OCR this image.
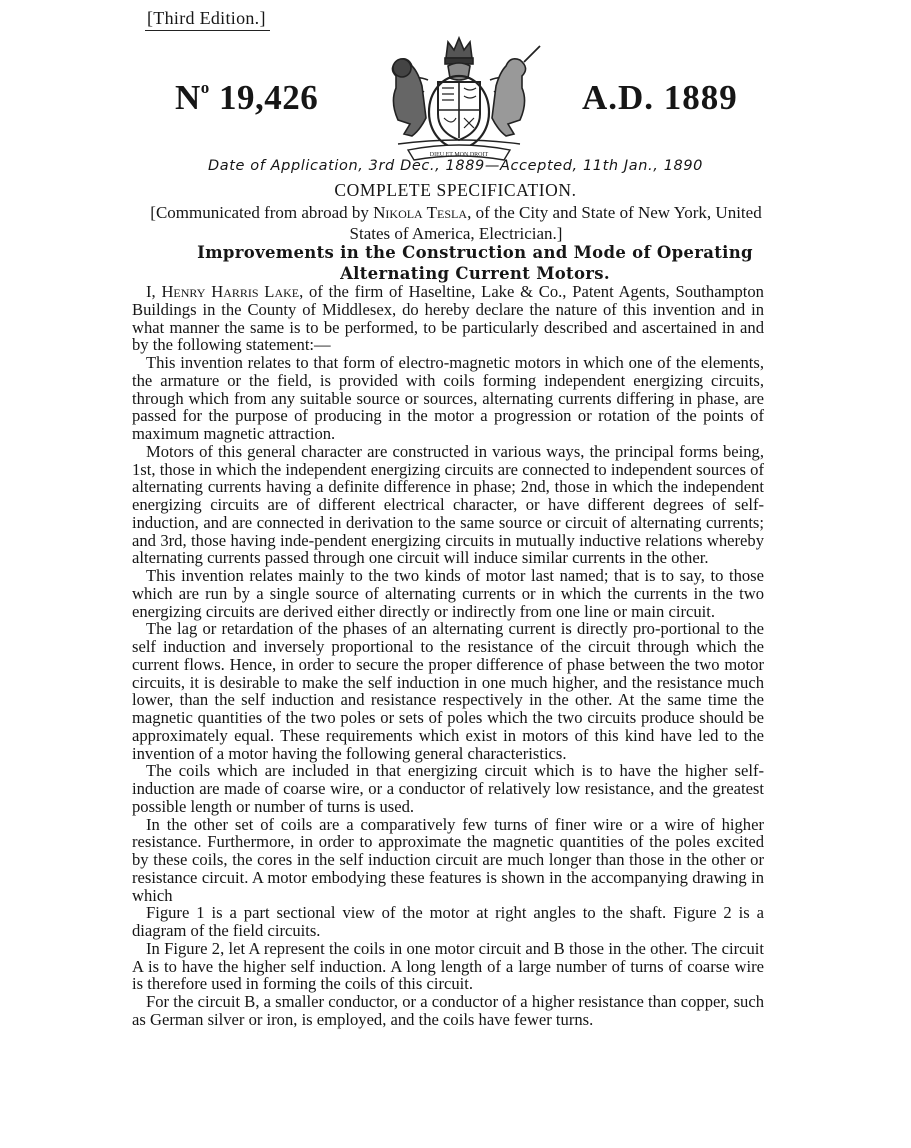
[Third Edition.]
$N^o$ 19,426
DIEU ET MON DROIT
A.D. 1889
Date of Application, 3rd Dec., 1889—Accepted, 11th Jan., 1890
COMPLETE SPECIFICATION.
[Communicated from abroad by Nikola Tesla, of the City and State of New York, United States of America, Electrician.]
Improvements in the Construction and Mode of Operating Alternating Current Motors.

I, Henry Harris Lake, of the firm of Haseltine, Lake & Co., Patent Agents, Southampton Buildings in the County of Middlesex, do hereby declare the nature of this invention and in what manner the same is to be performed, to be particularly described and ascertained in and by the following statement:—

This invention relates to that form of electro-magnetic motors in which one of the elements, the armature or the field, is provided with coils forming independent energizing circuits, through which from any suitable source or sources, alternating currents differing in phase, are passed for the purpose of producing in the motor a progression or rotation of the points of maximum magnetic attraction.

Motors of this general character are constructed in various ways, the principal forms being, 1st, those in which the independent energizing circuits are connected to independent sources of alternating currents having a definite difference in phase; 2nd, those in which the independent energizing circuits are of different electrical character, or have different degrees of self-induction, and are connected in derivation to the same source or circuit of alternating currents; and 3rd, those having inde-pendent energizing circuits in mutually inductive relations whereby alternating currents passed through one circuit will induce similar currents in the other.

This invention relates mainly to the two kinds of motor last named; that is to say, to those which are run by a single source of alternating currents or in which the currents in the two energizing circuits are derived either directly or indirectly from one line or main circuit.

The lag or retardation of the phases of an alternating current is directly pro-portional to the self induction and inversely proportional to the resistance of the circuit through which the current flows. Hence, in order to secure the proper difference of phase between the two motor circuits, it is desirable to make the self induction in one much higher, and the resistance much lower, than the self induction and resistance respectively in the other. At the same time the magnetic quantities of the two poles or sets of poles which the two circuits produce should be approximately equal. These requirements which exist in motors of this kind have led to the invention of a motor having the following general characteristics.

The coils which are included in that energizing circuit which is to have the higher self-induction are made of coarse wire, or a conductor of relatively low resistance, and the greatest possible length or number of turns is used.

In the other set of coils are a comparatively few turns of finer wire or a wire of higher resistance. Furthermore, in order to approximate the magnetic quantities of the poles excited by these coils, the cores in the self induction circuit are much longer than those in the other or resistance circuit. A motor embodying these features is shown in the accompanying drawing in which

Figure 1 is a part sectional view of the motor at right angles to the shaft. Figure 2 is a diagram of the field circuits.

In Figure 2, let A represent the coils in one motor circuit and B those in the other. The circuit A is to have the higher self induction. A long length of a large number of turns of coarse wire is therefore used in forming the coils of this circuit.

For the circuit B, a smaller conductor, or a conductor of a higher resistance than copper, such as German silver or iron, is employed, and the coils have fewer turns.
